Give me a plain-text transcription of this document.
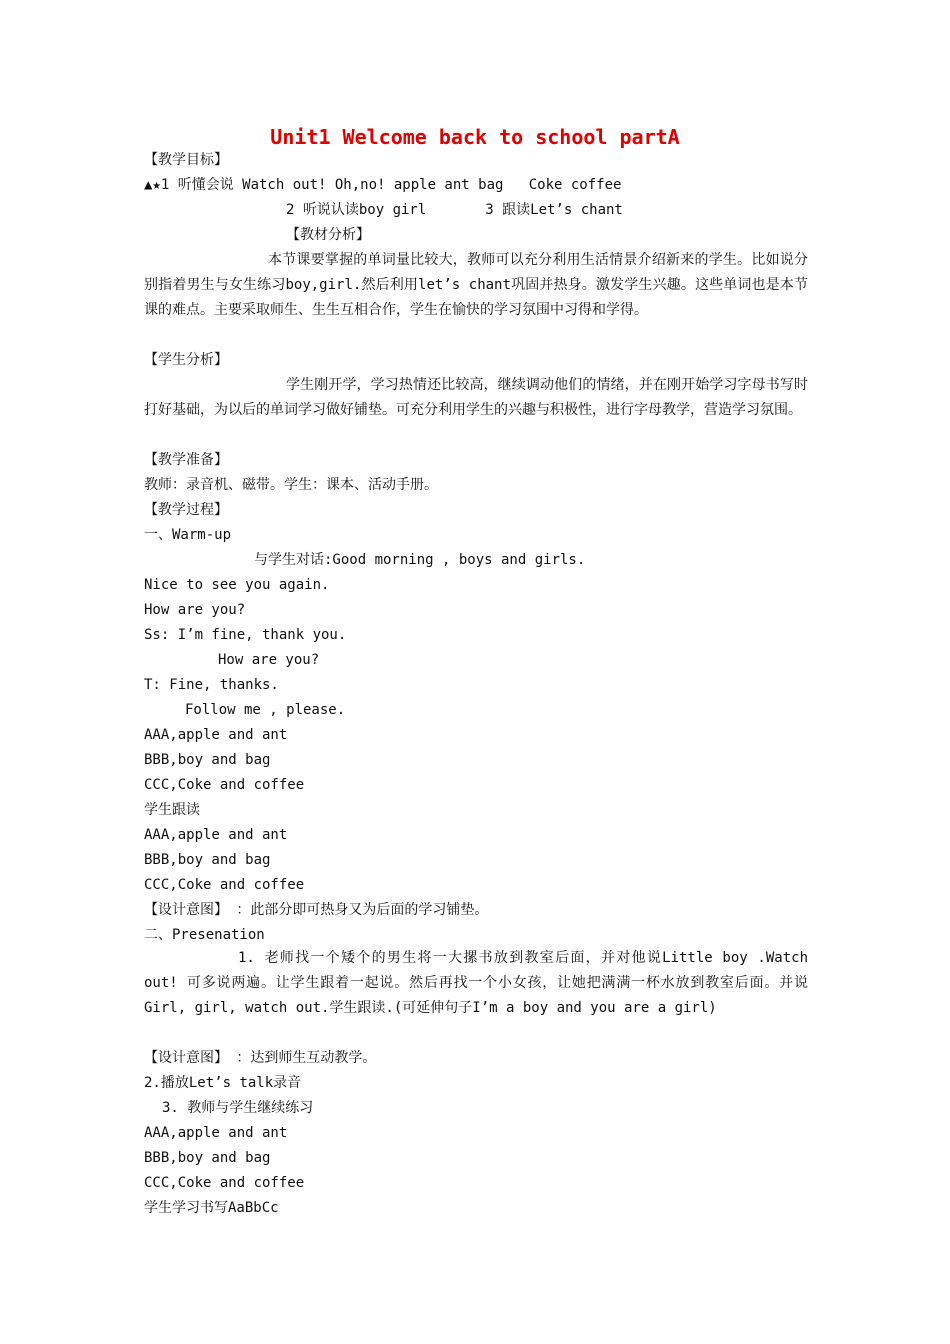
Unit1 Welcome back to school partA
【教学目标】
▲★1 听懂会说 Watch out! Oh,no! apple ant bag   Coke coffee
2 听说认读boy girl       3 跟读Let’s chant
【教材分析】
本节课要掌握的单词量比较大，教师可以充分利用生活情景介绍新来的学生。比如说分别指着男生与女生练习boy,girl.然后利用let’s chant巩固并热身。激发学生兴趣。这些单词也是本节课的难点。主要采取师生、生生互相合作，学生在愉快的学习氛围中习得和学得。
【学生分析】
学生刚开学，学习热情还比较高，继续调动他们的情绪，并在刚开始学习字母书写时打好基础，为以后的单词学习做好铺垫。可充分利用学生的兴趣与积极性，进行字母教学，营造学习氛围。
【教学准备】
教师：录音机、磁带。学生：课本、活动手册。
【教学过程】
一、Warm-up
与学生对话:Good morning , boys and girls.
Nice to see you again.
How are you?
Ss: I’m fine, thank you.
How are you?
T: Fine, thanks.
Follow me , please.
AAA,apple and ant
BBB,boy and bag
CCC,Coke and coffee
学生跟读
AAA,apple and ant
BBB,boy and bag
CCC,Coke and coffee
【设计意图】 ：此部分即可热身又为后面的学习铺垫。
二、Presenation
1. 老师找一个矮个的男生将一大摞书放到教室后面，并对他说Little boy .Watch out! 可多说两遍。让学生跟着一起说。然后再找一个小女孩，让她把满满一杯水放到教室后面。并说Girl, girl, watch out.学生跟读.(可延伸句子I’m a boy and you are a girl)
【设计意图】 ：达到师生互动教学。
2.播放Let’s talk录音
3. 教师与学生继续练习
AAA,apple and ant
BBB,boy and bag
CCC,Coke and coffee
学生学习书写AaBbCc
